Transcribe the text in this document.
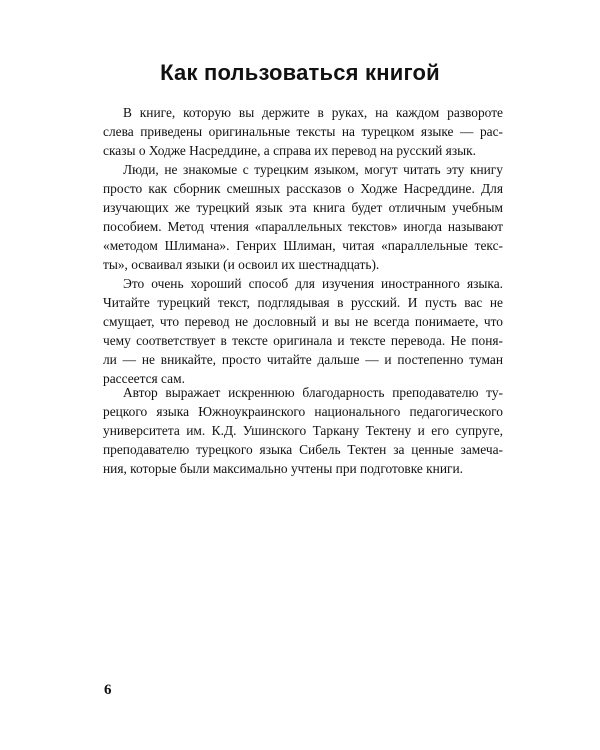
Как пользоваться книгой
В книге, которую вы держите в руках, на каждом развороте
слева приведены оригинальные тексты на турецком языке — рас-
сказы о Ходже Насреддине, а справа их перевод на русский язык.
Люди, не знакомые с турецким языком, могут читать эту книгу
просто как сборник смешных рассказов о Ходже Насреддине. Для
изучающих же турецкий язык эта книга будет отличным учебным
пособием. Метод чтения «параллельных текстов» иногда называют
«методом Шлимана». Генрих Шлиман, читая «параллельные текс-
ты», осваивал языки (и освоил их шестнадцать).
Это очень хороший способ для изучения иностранного языка.
Читайте турецкий текст, подглядывая в русский. И пусть вас не
смущает, что перевод не дословный и вы не всегда понимаете, что
чему соответствует в тексте оригинала и тексте перевода. Не поня-
ли — не вникайте, просто читайте дальше — и постепенно туман
рассеется сам.
Автор выражает искреннюю благодарность преподавателю ту-
рецкого языка Южноукраинского национального педагогического
университета им. К.Д. Ушинского Таркану Тектену и его супруге,
преподавателю турецкого языка Сибель Тектен за ценные замеча-
ния, которые были максимально учтены при подготовке книги.
6
